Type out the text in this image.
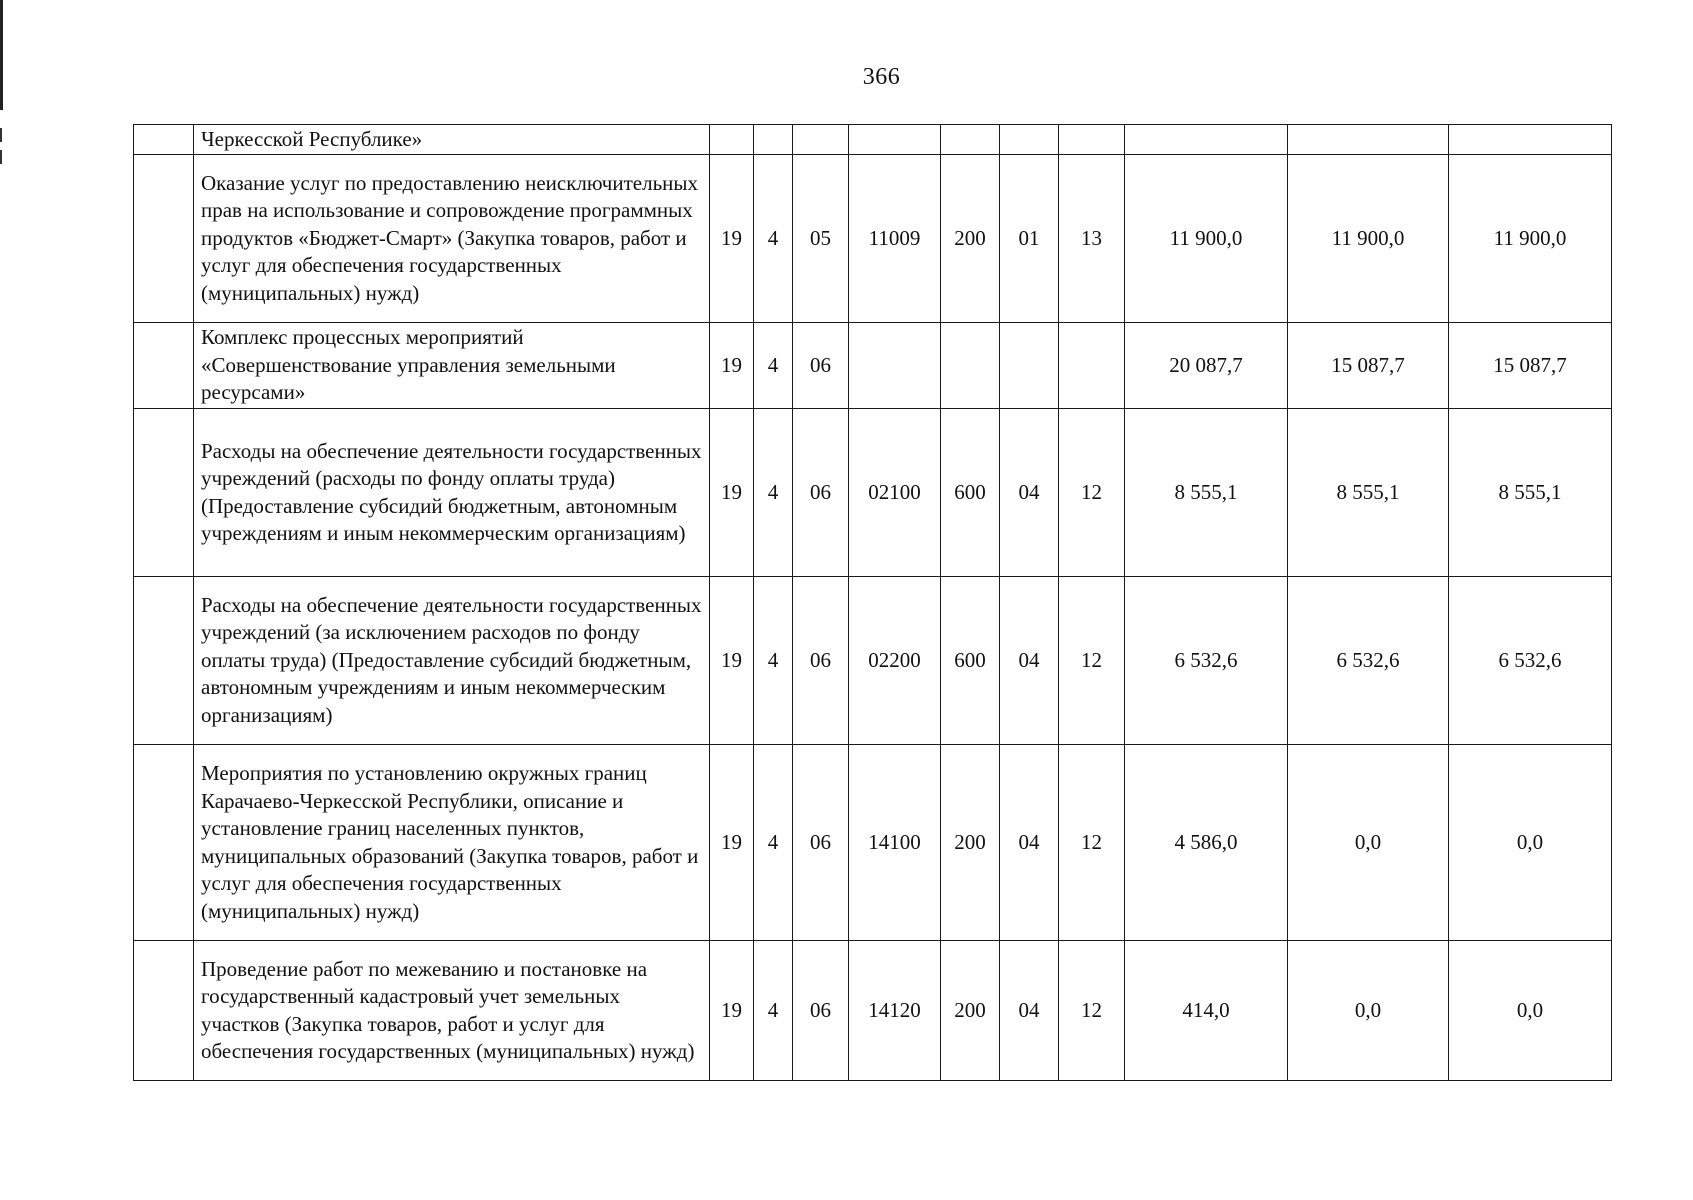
366
	Черкесской Республике»										
	Оказание услуг по предоставлению неисключительных прав на использование и сопровождение программных продуктов «Бюджет-Смарт» (Закупка товаров, работ и услуг для обеспечения государственных (муниципальных) нужд)	19	4	05	11009	200	01	13	11 900,0	11 900,0	11 900,0
	Комплекс процессных мероприятий «Совершенствование управления земельными ресурсами»	19	4	06					20 087,7	15 087,7	15 087,7
	Расходы на обеспечение деятельности государственных учреждений (расходы по фонду оплаты труда) (Предоставление субсидий бюджетным, автономным учреждениям и иным некоммерческим организациям)	19	4	06	02100	600	04	12	8 555,1	8 555,1	8 555,1
	Расходы на обеспечение деятельности государственных учреждений (за исключением расходов по фонду оплаты труда) (Предоставление субсидий бюджетным, автономным учреждениям и иным некоммерческим организациям)	19	4	06	02200	600	04	12	6 532,6	6 532,6	6 532,6
	Мероприятия по установлению окружных границ Карачаево-Черкесской Республики, описание и установление границ населенных пунктов, муниципальных образований (Закупка товаров, работ и услуг для обеспечения государственных (муниципальных) нужд)	19	4	06	14100	200	04	12	4 586,0	0,0	0,0
	Проведение работ по межеванию и постановке на государственный кадастровый учет земельных участков (Закупка товаров, работ и услуг для обеспечения государственных (муниципальных) нужд)	19	4	06	14120	200	04	12	414,0	0,0	0,0
